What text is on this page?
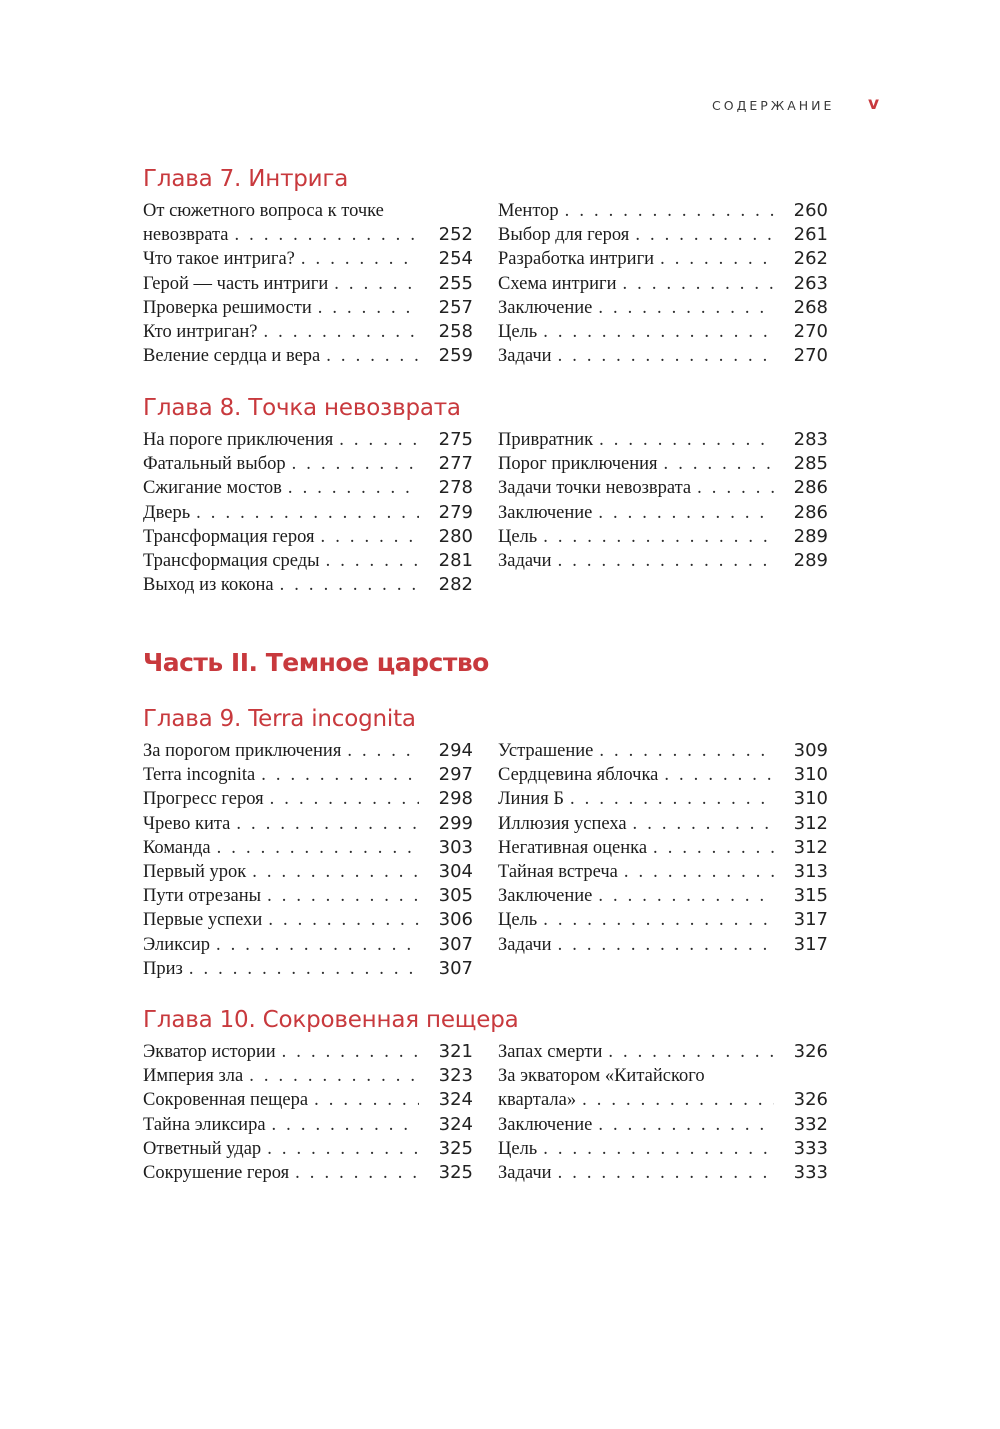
СОДЕРЖАНИЕ v
Глава 7. Интрига
От сюжетного вопроса к точке
невозврата . . .	252
Что такое интрига? . . .	254
Герой — часть интриги . . .	255
Проверка решимости . . .	257
Кто интриган? . . .	258
Веление сердца и вера . . .	259
Ментор . . .	260
Выбор для героя . . .	261
Разработка интриги . . .	262
Схема интриги . . .	263
Заключение . . .	268
Цель . . .	270
Задачи . . .	270
Глава 8. Точка невозврата
На пороге приключения . . .	275
Фатальный выбор . . .	277
Сжигание мостов . . .	278
Дверь . . .	279
Трансформация героя . . .	280
Трансформация среды . . .	281
Выход из кокона . . .	282
Привратник . . .	283
Порог приключения . . .	285
Задачи точки невозврата . . .	286
Заключение . . .	286
Цель . . .	289
Задачи . . .	289
Часть II. Темное царство
Глава 9. Terra incognita
За порогом приключения . . .	294
Terra incognita . . .	297
Прогресс героя . . .	298
Чрево кита . . .	299
Команда . . .	303
Первый урок . . .	304
Пути отрезаны . . .	305
Первые успехи . . .	306
Эликсир . . .	307
Приз . . .	307
Устрашение . . .	309
Сердцевина яблочка . . .	310
Линия Б . . .	310
Иллюзия успеха . . .	312
Негативная оценка . . .	312
Тайная встреча . . .	313
Заключение . . .	315
Цель . . .	317
Задачи . . .	317
Глава 10. Сокровенная пещера
Экватор истории . . .	321
Империя зла . . .	323
Сокровенная пещера . . .	324
Тайна эликсира . . .	324
Ответный удар . . .	325
Сокрушение героя . . .	325
Запах смерти . . .	326
За экватором «Китайского
квартала» . . .	326
Заключение . . .	332
Цель . . .	333
Задачи . . .	333
